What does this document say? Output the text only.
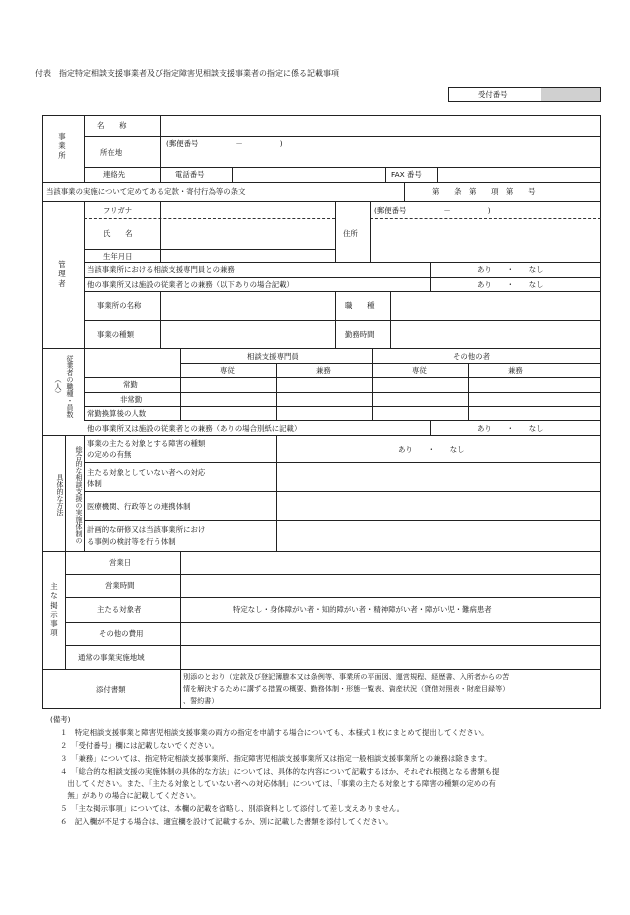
付表　指定特定相談支援事業者及び指定障害児相談支援事業者の指定に係る記載事項
受付番号
事業所
名　　称
所在地
(郵便番号　　　　　－　　　　　)
連絡先	電話番号	FAX 番号
当該事業の実施について定めてある定款・寄付行為等の条文	第　　条　第　　項　第　　号
管理者
フリガナ
氏　　名
生年月日
住所
(郵便番号　　　　　－　　　　　)
当該事業所における相談支援専門員との兼務	あり　　・　　なし
他の事業所又は施設の従業者との兼務（以下ありの場合記載）	あり　　・　　なし
事業所の名称	職　　種
事業の種類	勤務時間
従業者の職種・員数（人）
相談支援専門員	その他の者
専従	兼務	専従	兼務
常勤
非常勤
常勤換算後の人数
他の事業所又は施設の従業者との兼務（ありの場合別紙に記載）	あり　　・　　なし
具体的な方法	総合的な相談支援の実施体制の
事業の主たる対象とする障害の種類
の定めの有無
あり　　・　　なし
主たる対象としていない者への対応
体制
医療機関、行政等との連携体制
計画的な研修又は当該事業所におけ
る事例の検討等を行う体制
主な掲示事項
営業日
営業時間
主たる対象者	特定なし・身体障がい者・知的障がい者・精神障がい者・障がい児・難病患者
その他の費用
通常の事業実施地域
添付書類
別添のとおり（定款及び登記簿謄本又は条例等、事業所の平面図、運営規程、経歴書、入所者からの苦
情を解決するために講ずる措置の概要、勤務体制・形態一覧表、資産状況（貸借対照表・財産目録等）
、誓約書）
(備考)
１　特定相談支援事業と障害児相談支援事業の両方の指定を申請する場合についても、本様式１枚にまとめて提出してください。
２　「受付番号」欄には記載しないでください。
３　「兼務」については、指定特定相談支援事業所、指定障害児相談支援事業所又は指定一般相談支援事業所との兼務は除きます。
４　「総合的な相談支援の実施体制の具体的な方法」については、具体的な内容について記載するほか、それぞれ根拠となる書類も提
　出してください。また、「主たる対象としていない者への対応体制」については、「事業の主たる対象とする障害の種類の定めの有
　無」がありの場合に記載してください。
５　「主な掲示事項」については、本欄の記載を省略し、別添資料として添付して差し支えありません。
６　記入欄が不足する場合は、適宜欄を設けて記載するか、別に記載した書類を添付してください。
